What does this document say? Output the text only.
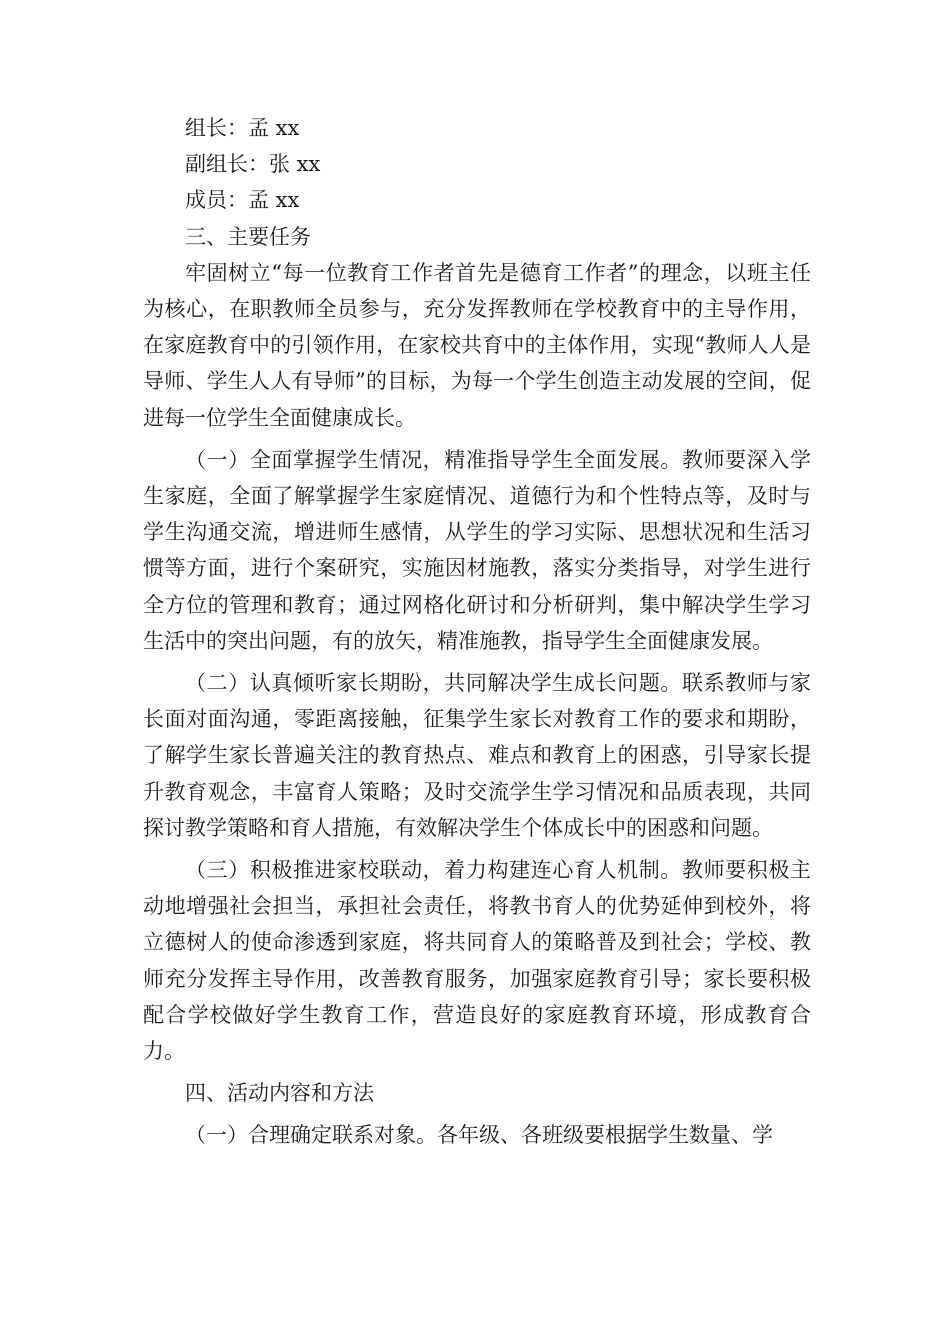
组长：孟 xx

副组长：张 xx

成员：孟 xx

三、主要任务

牢固树立“每一位教育工作者首先是德育工作者”的理念，以班主任为核心，在职教师全员参与，充分发挥教师在学校教育中的主导作用，在家庭教育中的引领作用，在家校共育中的主体作用，实现“教师人人是导师、学生人人有导师”的目标，为每一个学生创造主动发展的空间，促进每一位学生全面健康成长。

（一）全面掌握学生情况，精准指导学生全面发展。教师要深入学生家庭，全面了解掌握学生家庭情况、道德行为和个性特点等，及时与学生沟通交流，增进师生感情，从学生的学习实际、思想状况和生活习惯等方面，进行个案研究，实施因材施教，落实分类指导，对学生进行全方位的管理和教育；通过网格化研讨和分析研判，集中解决学生学习生活中的突出问题，有的放矢，精准施教，指导学生全面健康发展。

（二）认真倾听家长期盼，共同解决学生成长问题。联系教师与家长面对面沟通，零距离接触，征集学生家长对教育工作的要求和期盼，了解学生家长普遍关注的教育热点、难点和教育上的困惑，引导家长提升教育观念，丰富育人策略；及时交流学生学习情况和品质表现，共同探讨教学策略和育人措施，有效解决学生个体成长中的困惑和问题。

（三）积极推进家校联动，着力构建连心育人机制。教师要积极主动地增强社会担当，承担社会责任，将教书育人的优势延伸到校外，将立德树人的使命渗透到家庭，将共同育人的策略普及到社会；学校、教师充分发挥主导作用，改善教育服务，加强家庭教育引导；家长要积极配合学校做好学生教育工作，营造良好的家庭教育环境，形成教育合力。

四、活动内容和方法

（一）合理确定联系对象。各年级、各班级要根据学生数量、学
